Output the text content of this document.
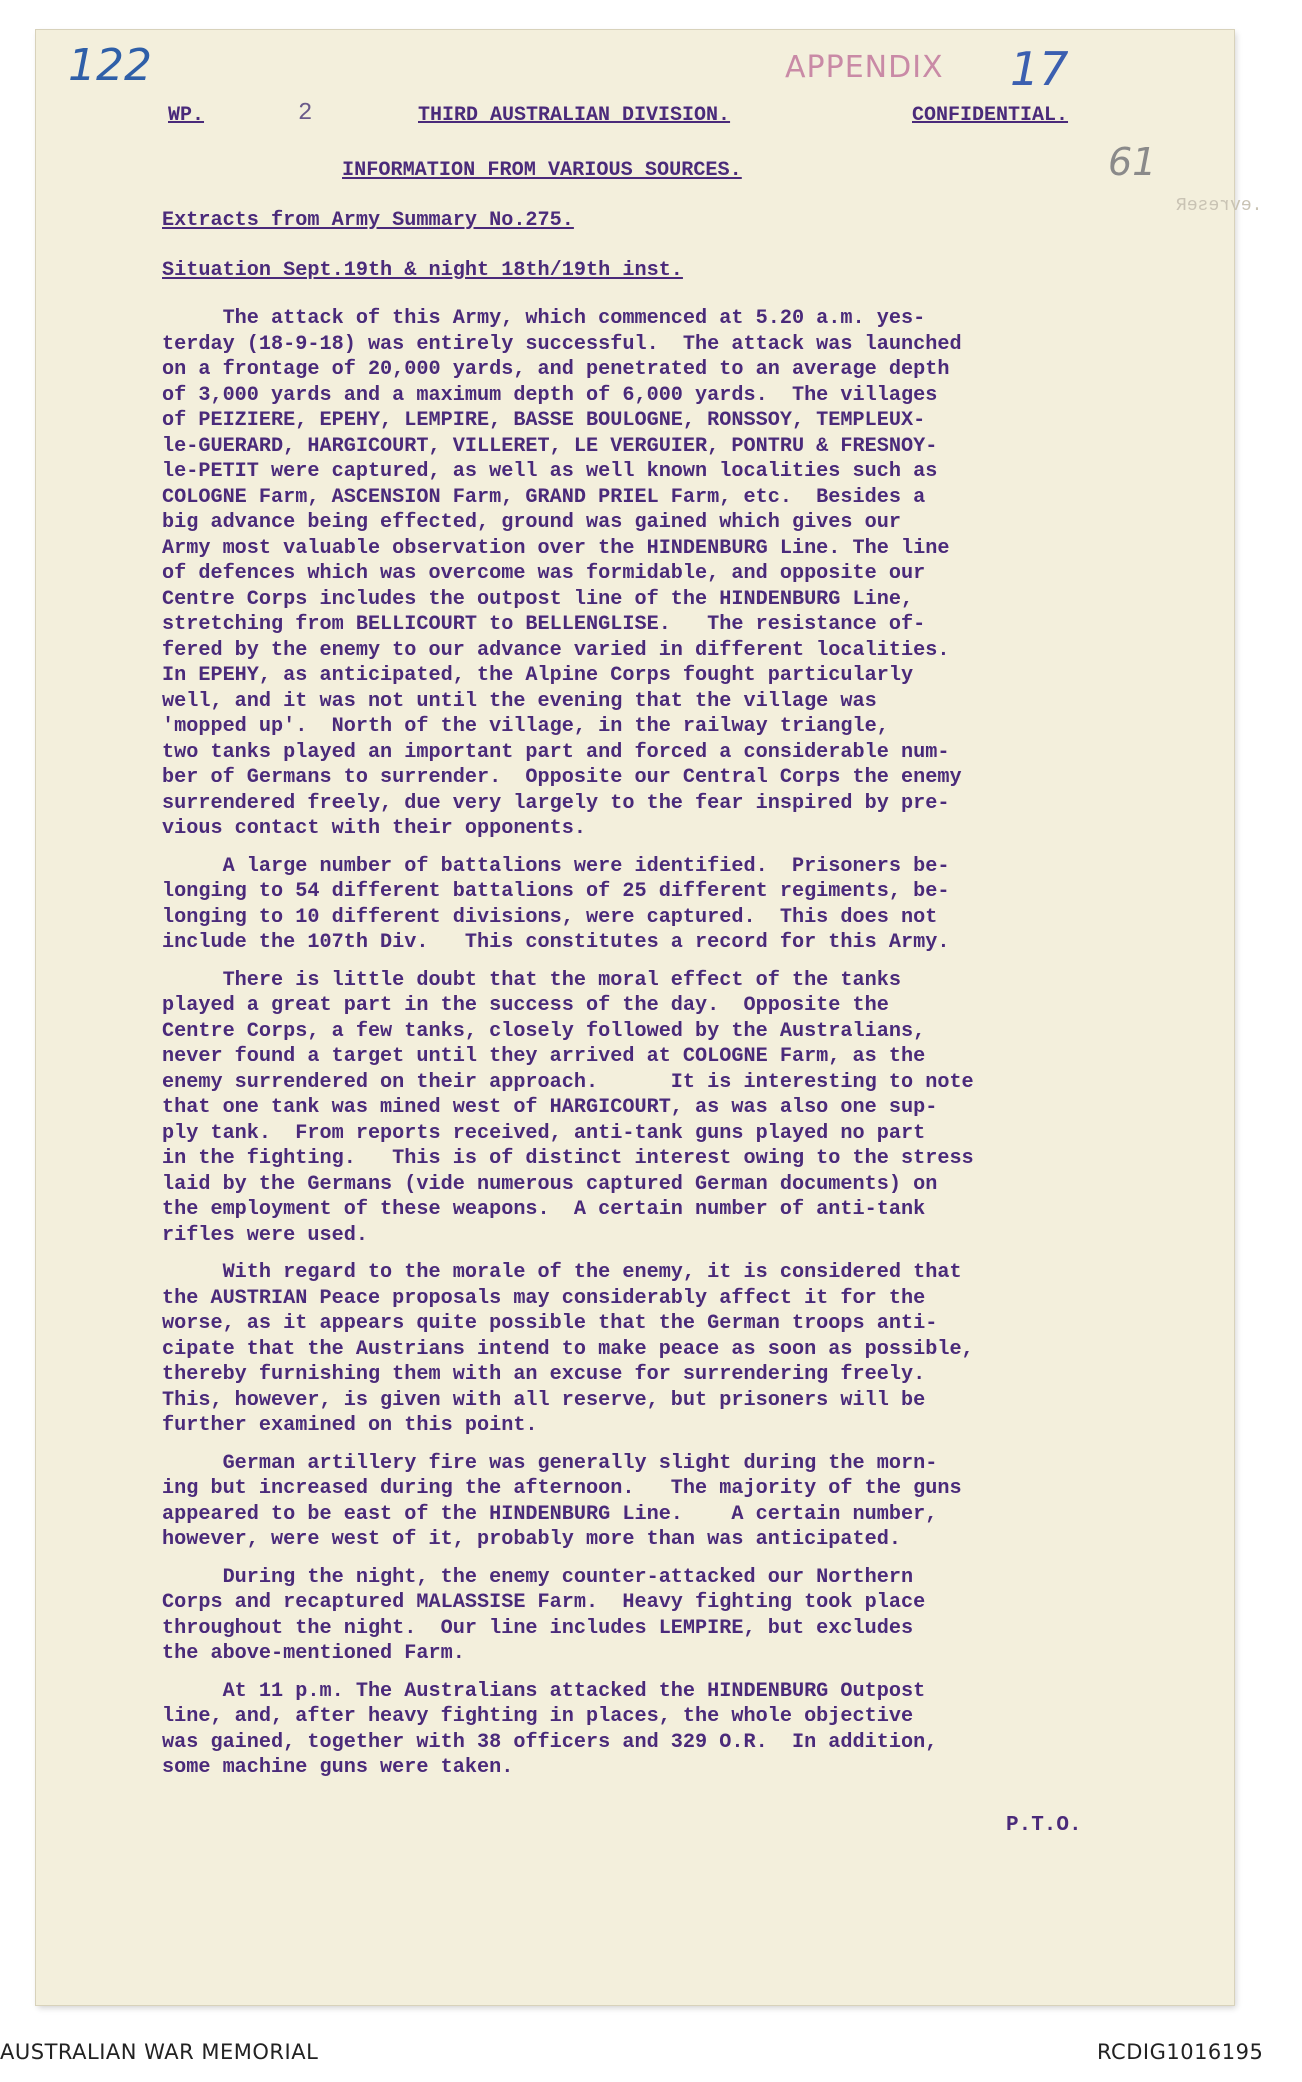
.evreseR
122	APPENDIX 17
61
WP.	2	THIRD AUSTRALIAN DIVISION.	CONFIDENTIAL.
INFORMATION FROM VARIOUS SOURCES.
Extracts from Army Summary No.275.
Situation Sept.19th & night 18th/19th inst.
The attack of this Army, which commenced at 5.20 a.m. yes-
terday (18-9-18) was entirely successful.  The attack was launched
on a frontage of 20,000 yards, and penetrated to an average depth
of 3,000 yards and a maximum depth of 6,000 yards.  The villages
of PEIZIERE, EPEHY, LEMPIRE, BASSE BOULOGNE, RONSSOY, TEMPLEUX-
le-GUERARD, HARGICOURT, VILLERET, LE VERGUIER, PONTRU & FRESNOY-
le-PETIT were captured, as well as well known localities such as
COLOGNE Farm, ASCENSION Farm, GRAND PRIEL Farm, etc.  Besides a
big advance being effected, ground was gained which gives our
Army most valuable observation over the HINDENBURG Line. The line
of defences which was overcome was formidable, and opposite our
Centre Corps includes the outpost line of the HINDENBURG Line,
stretching from BELLICOURT to BELLENGLISE.   The resistance of-
fered by the enemy to our advance varied in different localities.
In EPEHY, as anticipated, the Alpine Corps fought particularly
well, and it was not until the evening that the village was
'mopped up'.  North of the village, in the railway triangle,
two tanks played an important part and forced a considerable num-
ber of Germans to surrender.  Opposite our Central Corps the enemy
surrendered freely, due very largely to the fear inspired by pre-
vious contact with their opponents.
A large number of battalions were identified.  Prisoners be-
longing to 54 different battalions of 25 different regiments, be-
longing to 10 different divisions, were captured.  This does not
include the 107th Div.   This constitutes a record for this Army.
There is little doubt that the moral effect of the tanks
played a great part in the success of the day.  Opposite the
Centre Corps, a few tanks, closely followed by the Australians,
never found a target until they arrived at COLOGNE Farm, as the
enemy surrendered on their approach.      It is interesting to note
that one tank was mined west of HARGICOURT, as was also one sup-
ply tank.  From reports received, anti-tank guns played no part
in the fighting.   This is of distinct interest owing to the stress
laid by the Germans (vide numerous captured German documents) on
the employment of these weapons.  A certain number of anti-tank
rifles were used.
With regard to the morale of the enemy, it is considered that
the AUSTRIAN Peace proposals may considerably affect it for the
worse, as it appears quite possible that the German troops anti-
cipate that the Austrians intend to make peace as soon as possible,
thereby furnishing them with an excuse for surrendering freely.
This, however, is given with all reserve, but prisoners will be
further examined on this point.
German artillery fire was generally slight during the morn-
ing but increased during the afternoon.   The majority of the guns
appeared to be east of the HINDENBURG Line.    A certain number,
however, were west of it, probably more than was anticipated.
During the night, the enemy counter-attacked our Northern
Corps and recaptured MALASSISE Farm.  Heavy fighting took place
throughout the night.  Our line includes LEMPIRE, but excludes
the above-mentioned Farm.
At 11 p.m. The Australians attacked the HINDENBURG Outpost
line, and, after heavy fighting in places, the whole objective
was gained, together with 38 officers and 329 O.R.  In addition,
some machine guns were taken.
P.T.O.
AUSTRALIAN WAR MEMORIAL	RCDIG1016195
